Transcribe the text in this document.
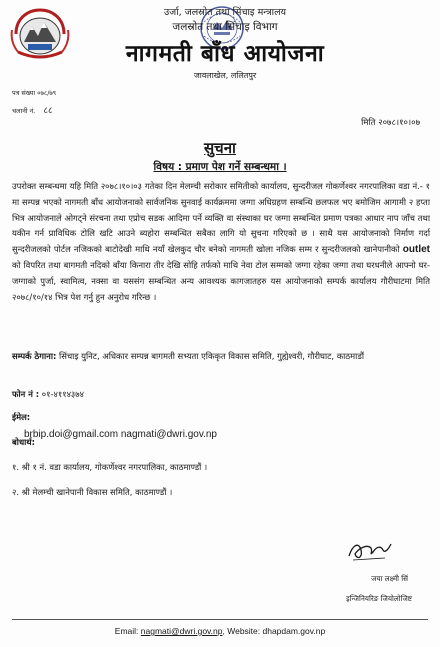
उर्जा, जलस्रोत तथा सिंचाइ मन्त्रालय
जलस्रोत तथा सिंचाइ विभाग
नागमती बाँध आयोजना
जावलाखेल, ललितपुर
पत्र संख्या ०७८/७९
चलानी नं. ८८
मिति २०७८।१०।०७
सुचना
विषय : प्रमाण पेश गर्ने सम्बन्धमा ।
उपरोक्त सम्बन्धमा यहि मिति २०७८।१०।०३ गतेका दिन मेलम्ची सरोकार समितीको कार्यालय, सुन्दरीजल गोकर्णेश्वर नगरपालिका वडा नं.- १ मा सम्पन्न भएको नागमती बाँध आयोजनाको सार्वजनिक सुनवाई कार्यक्रममा जग्गा अधिग्रहण सम्बन्धि छलफल भए बमोजिम आगामी २ हप्ता भित्र आयोजनाले ओगट्ने संरचना तथा एप्रोच सडक आदिमा पर्ने व्यक्ति वा संस्थाका घर जग्गा सम्बन्धित प्रमाण पत्रका आधार नाप जाँच तथा यकीन गर्न प्राविधिक टोलि खटि आउने ब्यहोरा सम्बन्धित सबैका लागि यो सुचना गरिएको छ । साथै यस आयोजनाको निर्माण गर्दा सुन्दरीजलको पोर्टल नजिकको बाटोदेखी माथि नयाँ खेलकुद चौर बनेको नागमती खोला नजिक सम्म र सुन्दरीजलको खानेपानीको outlet को विपरित तथा बागमती नदिको बाँया किनारा तीर देखि सोहि तर्फको माथि नेवा टोल सम्मको जग्गा रहेका जग्गा तथा घरधनीले आफ्नो घर-जग्गाको पुर्जा, स्वामित्व, नक्सा वा यससंग सम्बन्धित अन्य आवश्यक कागजातहरु यस आयोजनाको सम्पर्क कार्यालय गौरीघाटमा मिति २०७८/१०/१४ भित्र पेश गर्नु हुन अनुरोध गरिन्छ ।
सम्पर्क ठेगाना: सिंचाइ युनिट, अधिकार सम्पन्न बागमती सभ्यता एकिकृत विकास समिति, गुह्येश्वरी, गौरीघाट, काठमाडौं
फोन नं : ०१-४११४३७४
ईमेल:
brbip.doi@gmail.com nagmati@dwri.gov.np
बोधार्थ:
१. श्री १ नं. वडा कार्यालय, गोकर्णेश्वर नगरपालिका, काठमाण्डौं ।
२. श्री मेलम्ची खानेपानी विकास समिति, काठमाण्डौं ।
जया लक्ष्मी सिं
इन्जिनियरिङ जियोलोजिष्ट
Email: nagmati@dwri.gov.np, Website: dhapdam.gov.np
